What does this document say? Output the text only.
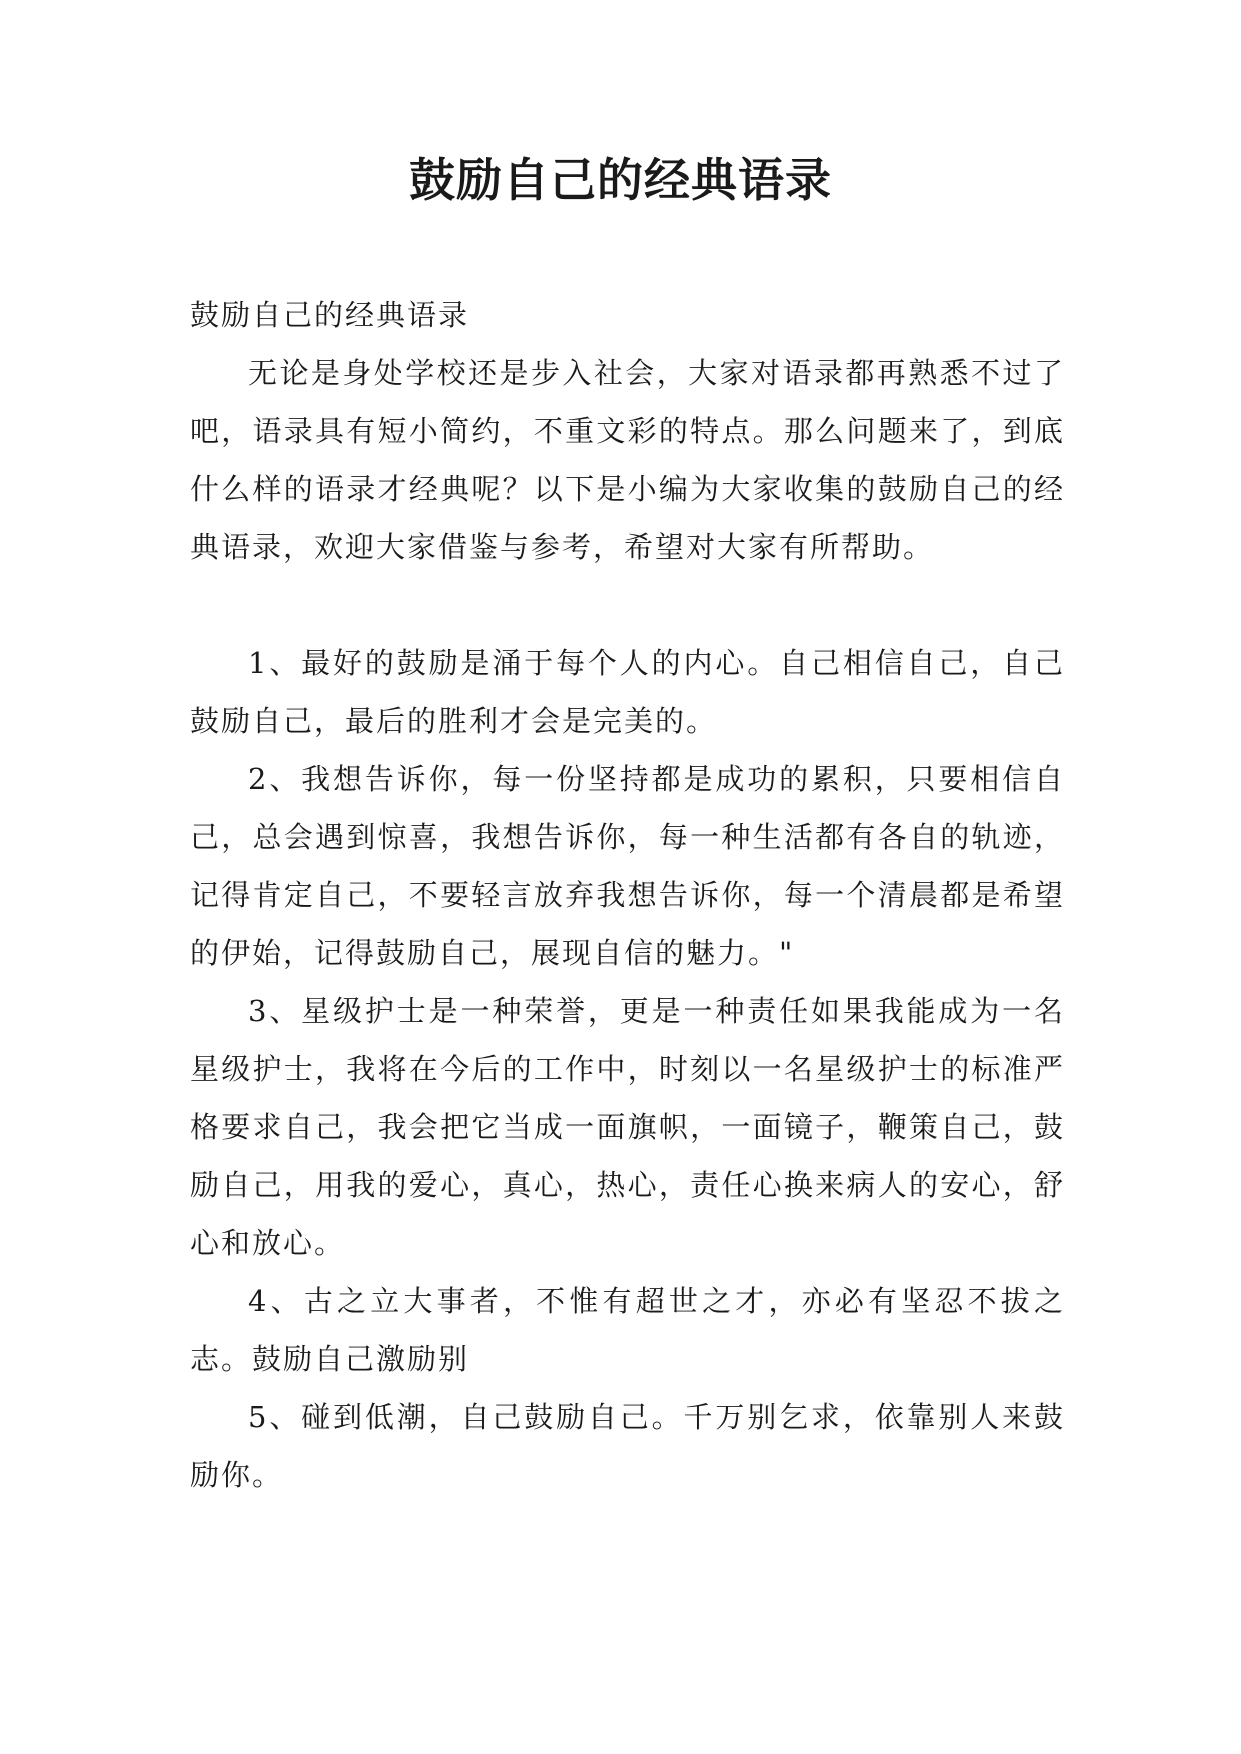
鼓励自己的经典语录

鼓励自己的经典语录

无论是身处学校还是步入社会，大家对语录都再熟悉不过了吧，语录具有短小简约，不重文彩的特点。那么问题来了，到底什么样的语录才经典呢？以下是小编为大家收集的鼓励自己的经典语录，欢迎大家借鉴与参考，希望对大家有所帮助。

1、最好的鼓励是涌于每个人的内心。自己相信自己，自己鼓励自己，最后的胜利才会是完美的。

2、我想告诉你，每一份坚持都是成功的累积，只要相信自己，总会遇到惊喜，我想告诉你，每一种生活都有各自的轨迹，记得肯定自己，不要轻言放弃我想告诉你，每一个清晨都是希望的伊始，记得鼓励自己，展现自信的魅力。"

3、星级护士是一种荣誉，更是一种责任如果我能成为一名星级护士，我将在今后的工作中，时刻以一名星级护士的标准严格要求自己，我会把它当成一面旗帜，一面镜子，鞭策自己，鼓励自己，用我的爱心，真心，热心，责任心换来病人的安心，舒心和放心。

4、古之立大事者，不惟有超世之才，亦必有坚忍不拔之志。鼓励自己激励别

5、碰到低潮，自己鼓励自己。千万别乞求，依靠别人来鼓励你。
